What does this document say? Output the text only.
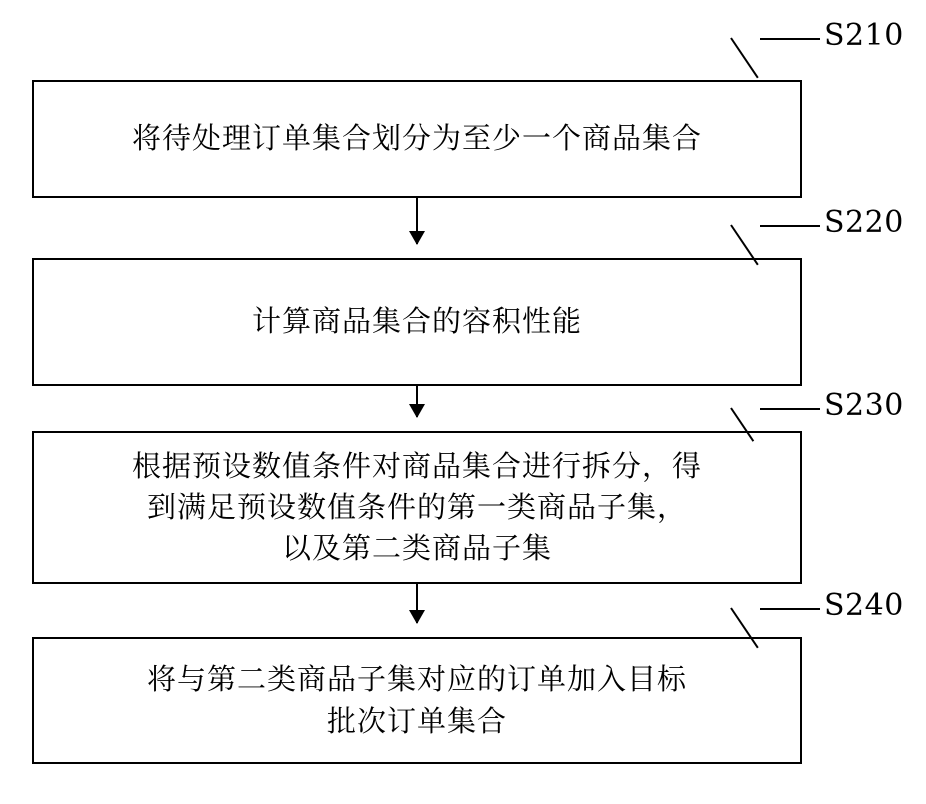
将待处理订单集合划分为至少一个商品集合
S210
计算商品集合的容积性能
S220
根据预设数值条件对商品集合进行拆分，得
到满足预设数值条件的第一类商品子集，
以及第二类商品子集
S230
将与第二类商品子集对应的订单加入目标
批次订单集合
S240
